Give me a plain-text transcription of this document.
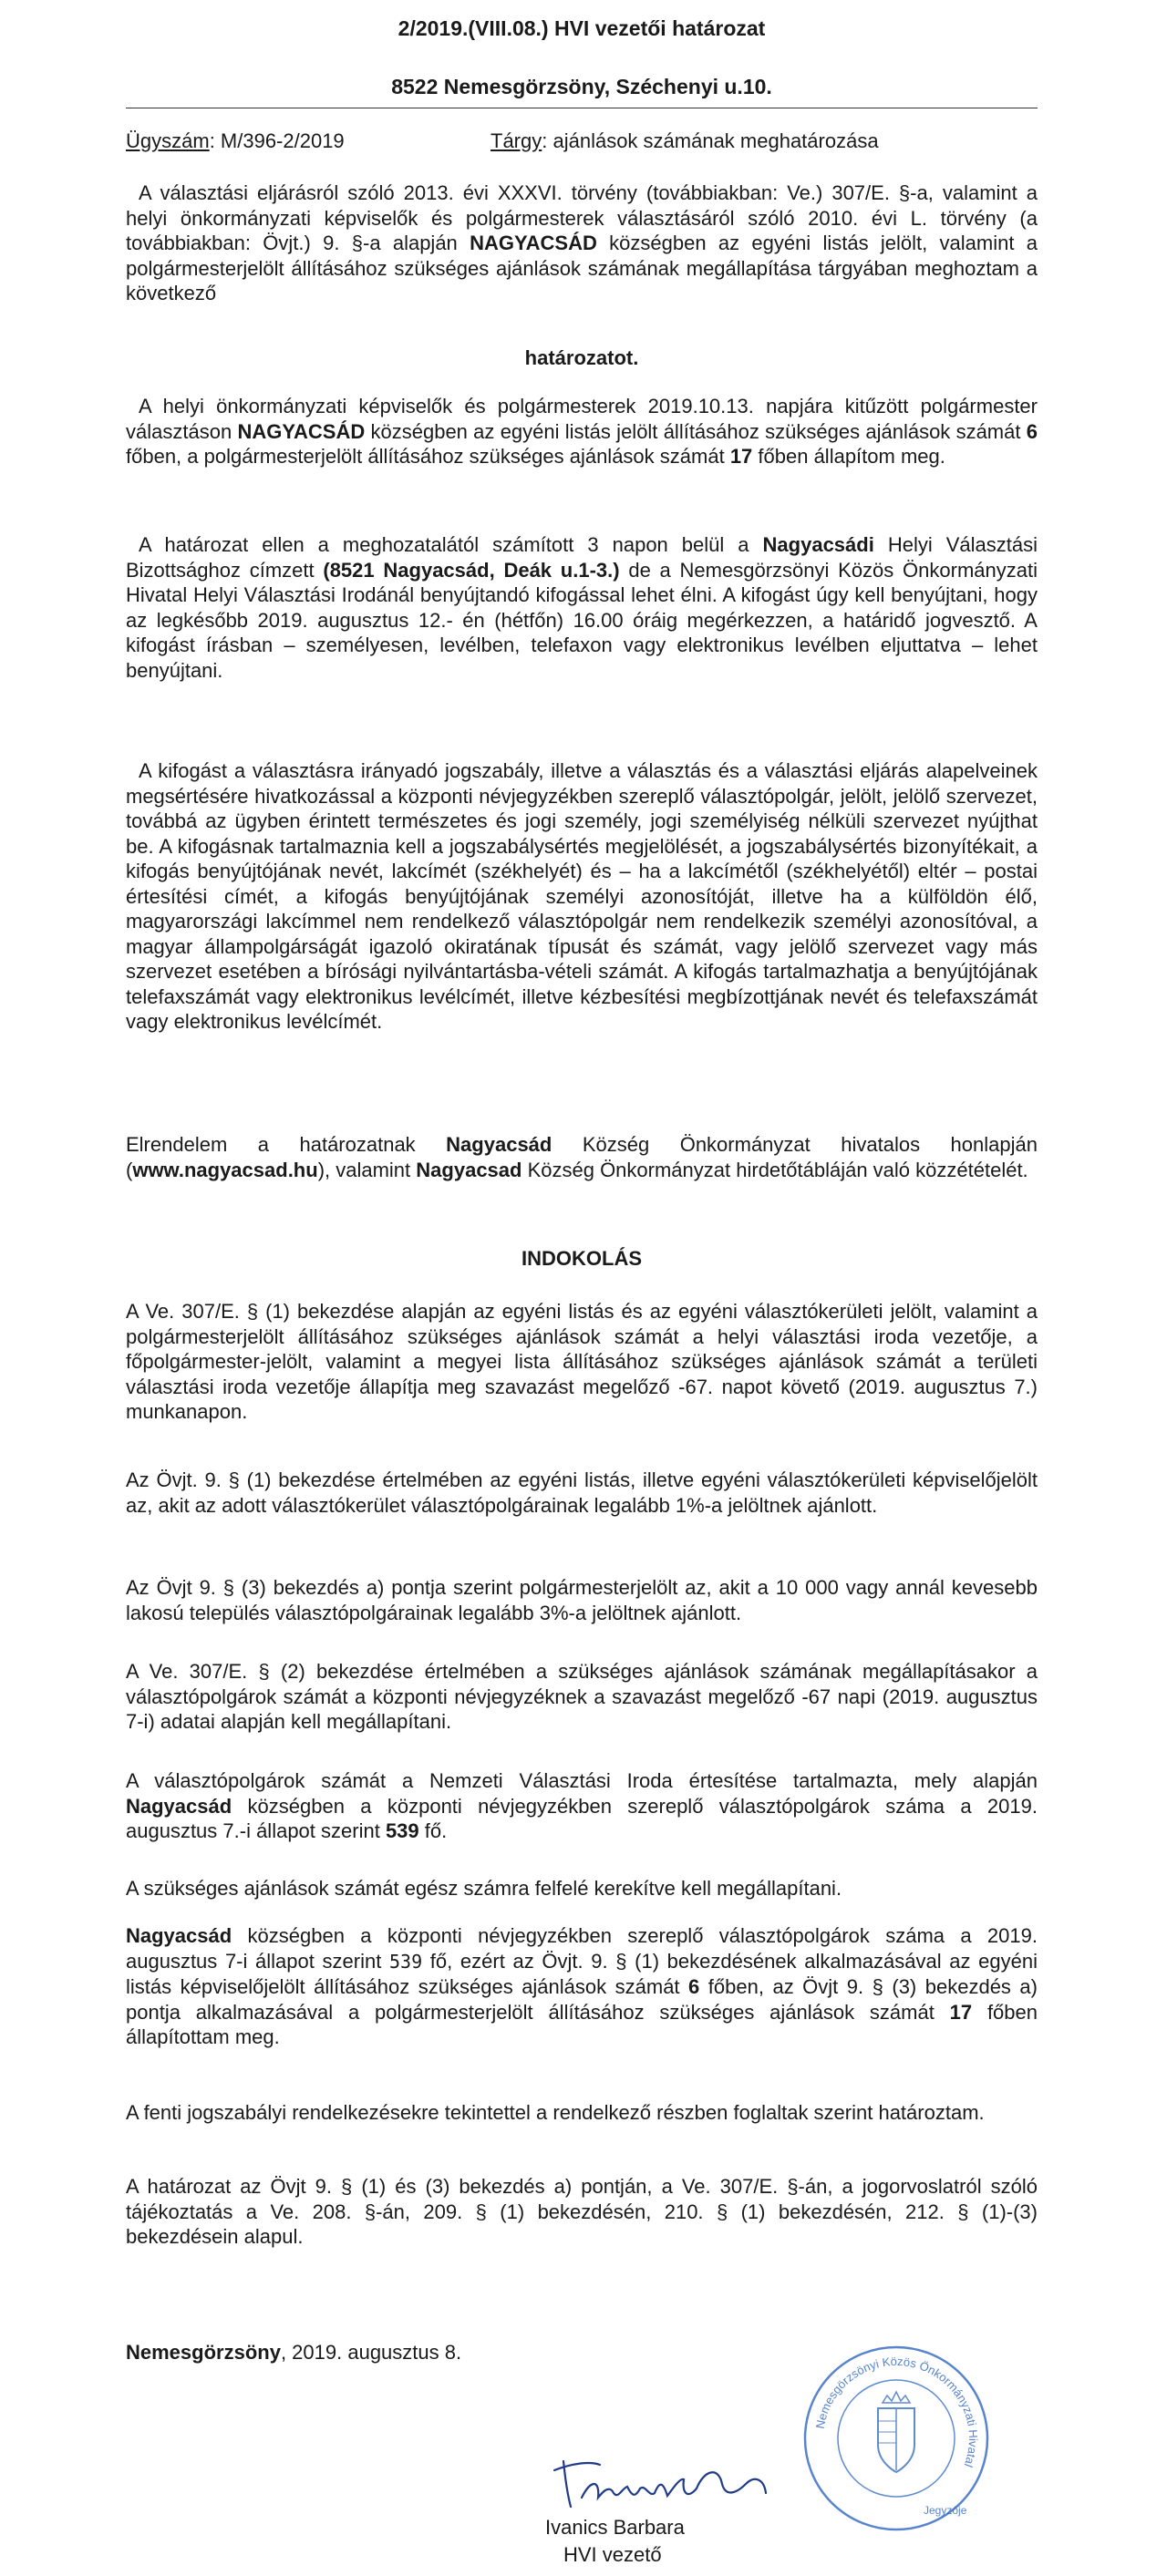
2/2019.(VIII.08.) HVI vezetői határozat
8522 Nemesgörzsöny, Széchenyi u.10.
Ügyszám: M/396-2/2019	Tárgy: ajánlások számának meghatározása
A választási eljárásról szóló 2013. évi XXXVI. törvény (továbbiakban: Ve.) 307/E. §-a, valamint a helyi önkormányzati képviselők és polgármesterek választásáról szóló 2010. évi L. törvény (a továbbiakban: Övjt.) 9. §-a alapján NAGYACSÁD községben az egyéni listás jelölt, valamint a polgármesterjelölt állításához szükséges ajánlások számának megállapítása tárgyában meghoztam a következő
határozatot.
A helyi önkormányzati képviselők és polgármesterek 2019.10.13. napjára kitűzött polgármester választáson NAGYACSÁD községben az egyéni listás jelölt állításához szükséges ajánlások számát 6 főben, a polgármesterjelölt állításához szükséges ajánlások számát 17 főben állapítom meg.
A határozat ellen a meghozatalától számított 3 napon belül a Nagyacsádi Helyi Választási Bizottsághoz címzett (8521 Nagyacsád, Deák u.1-3.) de a Nemesgörzsönyi Közös Önkormányzati Hivatal Helyi Választási Irodánál benyújtandó kifogással lehet élni. A kifogást úgy kell benyújtani, hogy az legkésőbb 2019. augusztus 12.- én (hétfőn) 16.00 óráig megérkezzen, a határidő jogvesztő. A kifogást írásban – személyesen, levélben, telefaxon vagy elektronikus levélben eljuttatva – lehet benyújtani.
A kifogást a választásra irányadó jogszabály, illetve a választás és a választási eljárás alapelveinek megsértésére hivatkozással a központi névjegyzékben szereplő választópolgár, jelölt, jelölő szervezet, továbbá az ügyben érintett természetes és jogi személy, jogi személyiség nélküli szervezet nyújthat be. A kifogásnak tartalmaznia kell a jogszabálysértés megjelölését, a jogszabálysértés bizonyítékait, a kifogás benyújtójának nevét, lakcímét (székhelyét) és – ha a lakcímétől (székhelyétől) eltér – postai értesítési címét, a kifogás benyújtójának személyi azonosítóját, illetve ha a külföldön élő, magyarországi lakcímmel nem rendelkező választópolgár nem rendelkezik személyi azonosítóval, a magyar állampolgárságát igazoló okiratának típusát és számát, vagy jelölő szervezet vagy más szervezet esetében a bírósági nyilvántartásba-vételi számát. A kifogás tartalmazhatja a benyújtójának telefaxszámát vagy elektronikus levélcímét, illetve kézbesítési megbízottjának nevét és telefaxszámát vagy elektronikus levélcímét.
Elrendelem a határozatnak Nagyacsád Község Önkormányzat hivatalos honlapján (www.nagyacsad.hu), valamint Nagyacsad Község Önkormányzat hirdetőtábláján való közzétételét.
INDOKOLÁS
A Ve. 307/E. § (1) bekezdése alapján az egyéni listás és az egyéni választókerületi jelölt, valamint a polgármesterjelölt állításához szükséges ajánlások számát a helyi választási iroda vezetője, a főpolgármester-jelölt, valamint a megyei lista állításához szükséges ajánlások számát a területi választási iroda vezetője állapítja meg szavazást megelőző -67. napot követő (2019. augusztus 7.) munkanapon.
Az Övjt. 9. § (1) bekezdése értelmében az egyéni listás, illetve egyéni választókerületi képviselőjelölt az, akit az adott választókerület választópolgárainak legalább 1%-a jelöltnek ajánlott.
Az Övjt 9. § (3) bekezdés a) pontja szerint polgármesterjelölt az, akit a 10 000 vagy annál kevesebb lakosú település választópolgárainak legalább 3%-a jelöltnek ajánlott.
A Ve. 307/E. § (2) bekezdése értelmében a szükséges ajánlások számának megállapításakor a választópolgárok számát a központi névjegyzéknek a szavazást megelőző -67 napi (2019. augusztus 7-i) adatai alapján kell megállapítani.
A választópolgárok számát a Nemzeti Választási Iroda értesítése tartalmazta, mely alapján Nagyacsád községben a központi névjegyzékben szereplő választópolgárok száma a 2019. augusztus 7.-i állapot szerint 539 fő.
A szükséges ajánlások számát egész számra felfelé kerekítve kell megállapítani.
Nagyacsád községben a központi névjegyzékben szereplő választópolgárok száma a 2019. augusztus 7-i állapot szerint 539 fő, ezért az Övjt. 9. § (1) bekezdésének alkalmazásával az egyéni listás képviselőjelölt állításához szükséges ajánlások számát 6 főben, az Övjt 9. § (3) bekezdés a) pontja alkalmazásával a polgármesterjelölt állításához szükséges ajánlások számát 17 főben állapítottam meg.
A fenti jogszabályi rendelkezésekre tekintettel a rendelkező részben foglaltak szerint határoztam.
A határozat az Övjt 9. § (1) és (3) bekezdés a) pontján, a Ve. 307/E. §-án, a jogorvoslatról szóló tájékoztatás a Ve. 208. §-án, 209. § (1) bekezdésén, 210. § (1) bekezdésén, 212. § (1)-(3) bekezdésein alapul.
Nemesgörzsöny, 2019. augusztus 8.
Ivanics Barbara
HVI vezető
Nemesgörzsönyi Közös Önkormányzati Hivatal
Jegyzője
